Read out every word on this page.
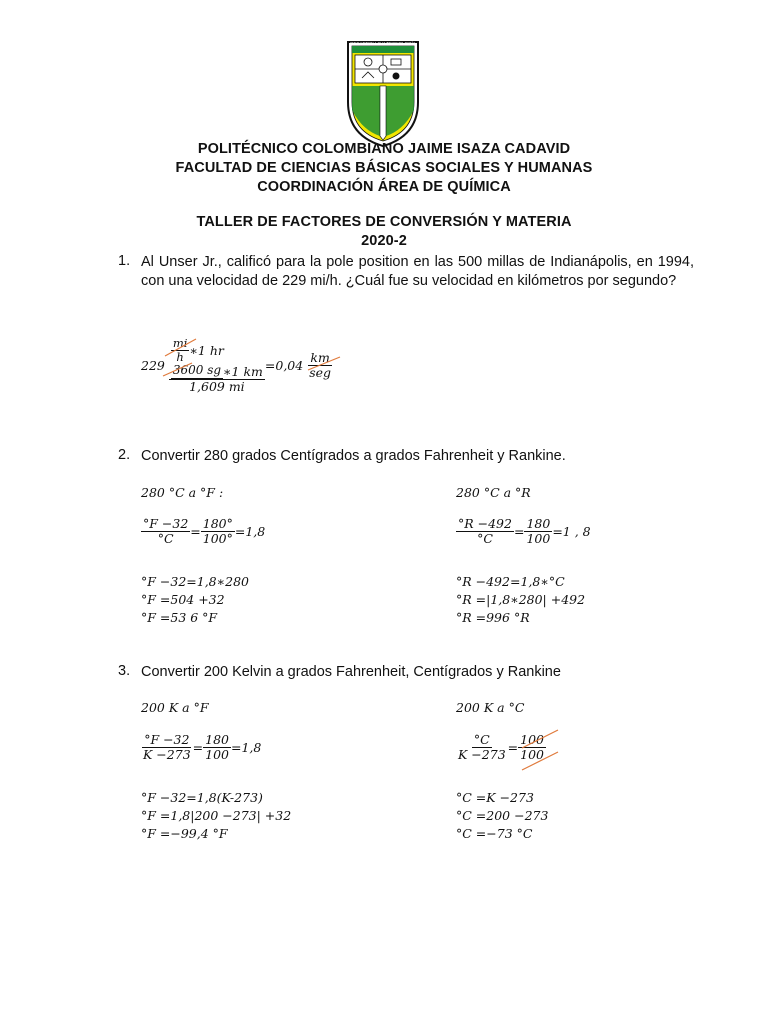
DESARROLLO Y TECNOLOGÍA
POLITÉCNICO COLOMBIANO JAIME ISAZA CADAVID
FACULTAD DE CIENCIAS BÁSICAS SOCIALES Y HUMANAS
COORDINACIÓN ÁREA DE QUÍMICA
TALLER DE FACTORES DE CONVERSIÓN Y MATERIA
2020-2
1. Al Unser Jr., calificó para la pole position en las 500 millas de Indianápolis, en 1994, con una velocidad de 229 mi/h. ¿Cuál fue su velocidad en kilómetros por segundo?
229

$\frac{mi}{h}$ ∗1 hr
3600 sg ∗1 km
1,609 mi
=0,04
$\frac{km}{\text{seg}}$
2. Convertir 280 grados Centígrados a grados Fahrenheit y Rankine.
280 °C a °F :
$\frac{^\circ F -32}{^\circ C} = \frac{180^\circ}{100^\circ} =1,8$
°F −32=1,8∗280
°F =504 +32
°F =53 6 °F
280 °C a °R
$\frac{^\circ R -492}{^\circ C} = \frac{180}{100} =1$ , 8
°R −492=1,8∗°C
°R =|1,8∗280| +492
°R =996 °R
3. Convertir 200 Kelvin a grados Fahrenheit, Centígrados y Rankine
200 K a °F
$\frac{^\circ F -32}{K -273} = \frac{180}{100} =1,8$
°F −32=1,8(K-273)
°F =1,8|200 −273| +32
°F =−99,4 °F
200 K a °C
$\frac{^\circ C}{K -273} = \frac{100}{100}$
°C =K −273
°C =200 −273
°C =−73 °C
